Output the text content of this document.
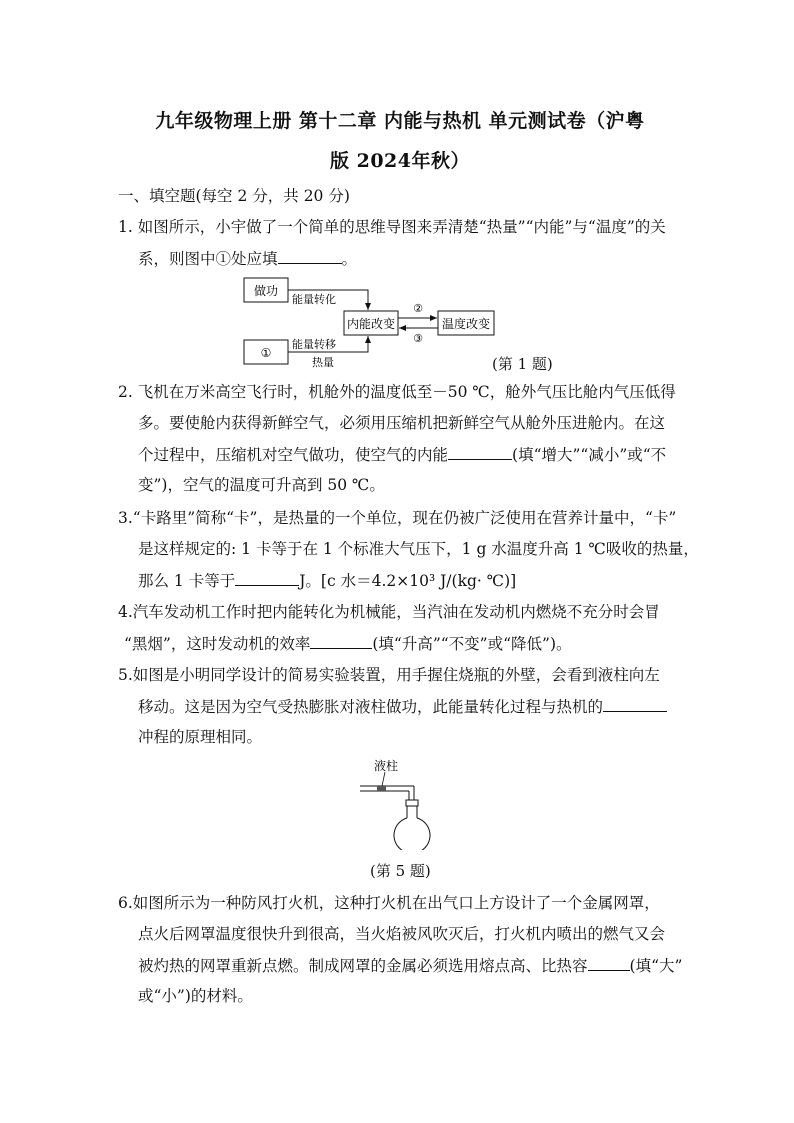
九年级物理上册 第十二章 内能与热机 单元测试卷（沪粤
版 2024年秋）
一、填空题(每空 2 分，共 20 分)
1. 如图所示，小宇做了一个简单的思维导图来弄清楚“热量”“内能”与“温度”的关
系，则图中①处应填	。
做功
内能改变	温度改变
①
能量转化
能量转移
热量
②
③
(第 1 题)
2. 飞机在万米高空飞行时，机舱外的温度低至－50 ℃，舱外气压比舱内气压低得
多。要使舱内获得新鲜空气，必须用压缩机把新鲜空气从舱外压进舱内。在这
个过程中，压缩机对空气做功，使空气的内能	(填“增大”“减小”或“不
变”)，空气的温度可升高到 50 ℃。
3.“卡路里”简称“卡”，是热量的一个单位，现在仍被广泛使用在营养计量中，“卡”
是这样规定的: 1 卡等于在 1 个标准大气压下，1 g 水温度升高 1 ℃吸收的热量，
那么 1 卡等于	J。[c 水＝4.2×10³ J/(kg· ℃)]
4.汽车发动机工作时把内能转化为机械能，当汽油在发动机内燃烧不充分时会冒
“黑烟”，这时发动机的效率	(填“升高”“不变”或“降低”)。
5.如图是小明同学设计的简易实验装置，用手握住烧瓶的外壁，会看到液柱向左
移动。这是因为空气受热膨胀对液柱做功，此能量转化过程与热机的
冲程的原理相同。
液柱
(第 5 题)
6.如图所示为一种防风打火机，这种打火机在出气口上方设计了一个金属网罩，
点火后网罩温度很快升到很高，当火焰被风吹灭后，打火机内喷出的燃气又会
被灼热的网罩重新点燃。制成网罩的金属必须选用熔点高、比热容	(填“大”
或“小”)的材料。
